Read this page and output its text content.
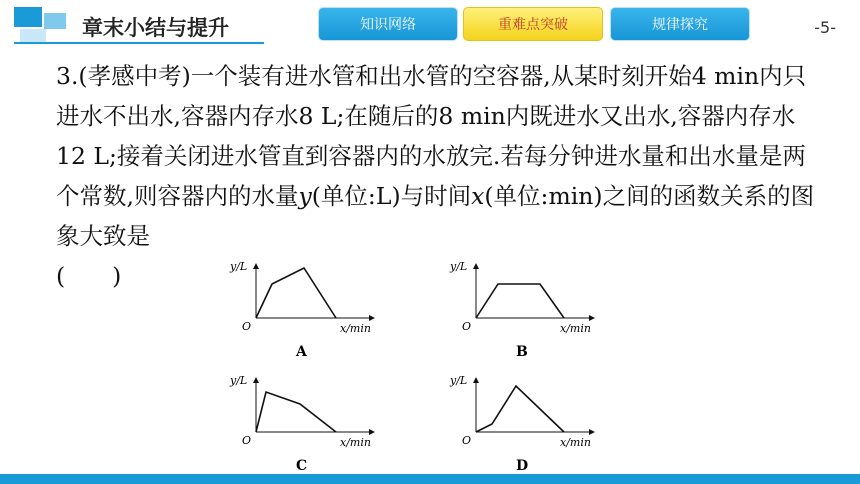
章末小结与提升	知识网络	重难点突破	规律探究	-5-

3.(孝感中考)一个装有进水管和出水管的空容器,从某时刻开始4 min内只进水不出水,容器内存水8 L;在随后的8 min内既进水又出水,容器内存水12 L;接着关闭进水管直到容器内的水放完.若每分钟进水量和出水量是两个常数,则容器内的水量y(单位:L)与时间x(单位:min)之间的函数关系的图象大致是
(　　)	y/L
x/min
O
A
y/L
x/min
O
B
y/L
x/min
O
C
y/L
x/min
O
D
